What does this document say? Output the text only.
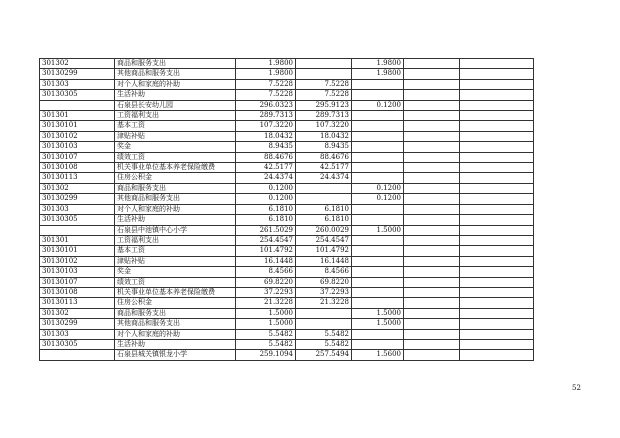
301302	商品和服务支出	1.9800		1.9800		
30130299	其他商品和服务支出	1.9800		1.9800		
301303	对个人和家庭的补助	7.5228	7.5228			
30130305	生活补助	7.5228	7.5228			
	石泉县长安幼儿园	296.0323	295.9123	0.1200		
301301	工资福利支出	289.7313	289.7313			
30130101	基本工资	107.3220	107.3220			
30130102	津贴补贴	18.0432	18.0432			
30130103	奖金	8.9435	8.9435			
30130107	绩效工资	88.4676	88.4676			
30130108	机关事业单位基本养老保险缴费	42.5177	42.5177			
30130113	住房公积金	24.4374	24.4374			
301302	商品和服务支出	0.1200		0.1200		
30130299	其他商品和服务支出	0.1200		0.1200		
301303	对个人和家庭的补助	6.1810	6.1810			
30130305	生活补助	6.1810	6.1810			
	石泉县中池镇中心小学	261.5029	260.0029	1.5000		
301301	工资福利支出	254.4547	254.4547			
30130101	基本工资	101.4792	101.4792			
30130102	津贴补贴	16.1448	16.1448			
30130103	奖金	8.4566	8.4566			
30130107	绩效工资	69.8220	69.8220			
30130108	机关事业单位基本养老保险缴费	37.2293	37.2293			
30130113	住房公积金	21.3228	21.3228			
301302	商品和服务支出	1.5000		1.5000		
30130299	其他商品和服务支出	1.5000		1.5000		
301303	对个人和家庭的补助	5.5482	5.5482			
30130305	生活补助	5.5482	5.5482			
	石泉县城关镇银龙小学	259.1094	257.5494	1.5600		
52
